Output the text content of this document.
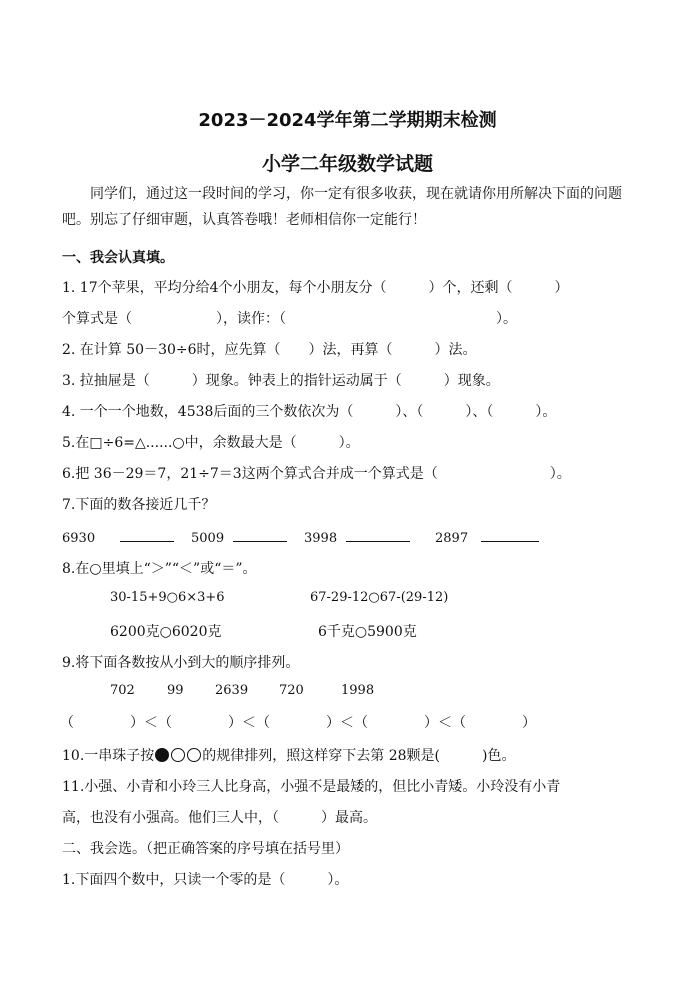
2023－2024学年第二学期期末检测
小学二年级数学试题
同学们，通过这一段时间的学习，你一定有很多收获，现在就请你用所解决下面的问题吧。别忘了仔细审题，认真答卷哦！老师相信你一定能行！
一、我会认真填。
1. 17个苹果，平均分给4个小朋友，每个小朋友分（　　　）个，还剩（　　　）
个算式是（　　　　　　），读作：（　　　　　　　　　　　　　　　）。
2. 在计算 50－30÷6时，应先算（　　）法，再算（　　　）法。
3. 拉抽屉是（　　　）现象。钟表上的指针运动属于（　　　）现象。
4. 一个一个地数，4538后面的三个数依次为（　　　）、（　　　）、（　　　）。
5.在□÷6=△......○中，余数最大是（　　　）。
6.把 36－29＝7，21÷7＝3这两个算式合并成一个算式是（　　　　　　　　）。
7.下面的数各接近几千？
6930	5009	3998	2897
8.在○里填上“＞”“＜”或“＝”。
30-15+9○6×3+6	67-29-12○67-(29-12)
6200克○6020克	6千克○5900克
9.将下面各数按从小到大的顺序排列。
702 99 2639 720	1998
（　　　　）＜（　　　　）＜（　　　　）＜（　　　　）＜（　　　　）
10.一串珠子按	的规律排列，照这样穿下去第 28颗是(　　　)色。
11.小强、小青和小玲三人比身高，小强不是最矮的，但比小青矮。小玲没有小青
高，也没有小强高。他们三人中，（　　　）最高。
二、我会选。（把正确答案的序号填在括号里）
1.下面四个数中，只读一个零的是（　　　）。
